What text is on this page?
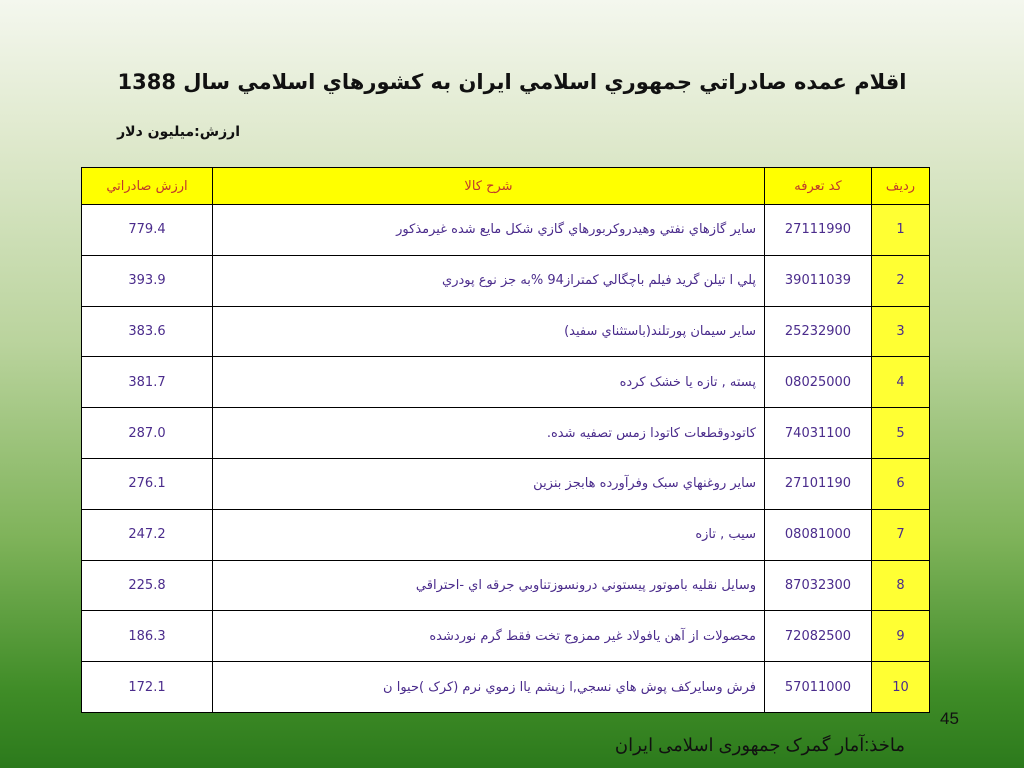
اقلام عمده صادراتي جمهوري اسلامي ايران به كشورهاي اسلامي سال 1388
ارزش:ميليون دلار
رديف	كد تعرفه	شرح كالا	ارزش صادراتي
1	27111990	ساير گازهاي نفتي وهيدروكربورهاي گازي شكل مايع شده غيرمذكور	779.4
2	39011039	پلي ا تيلن گريد فيلم باچگالي كمتراز94 %به جز نوع پودري	393.9
3	25232900	ساير سيمان پورتلند(باستثناي سفيد)	383.6
4	08025000	پسته , تازه يا خشک كرده	381.7
5	74031100	كاتودوقطعات كاتودا زمس تصفيه شده.	287.0
6	27101190	ساير روغنهاي سبک وفرآورده هابجز بنزين	276.1
7	08081000	سيب , تازه	247.2
8	87032300	وسايل نقليه باموتور پيستوني درونسوزتناوبي جرقه اي -احتراقي	225.8
9	72082500	محصولات از آهن يافولاد غير ممزوج تخت فقط گرم نوردشده	186.3
10	57011000	فرش وسايركف پوش هاي نسجي,ا زپشم ياا زموي نرم (كرک )حيوا ن	172.1
45
ماخذ:آمار گمرک جمهوری اسلامی ایران
